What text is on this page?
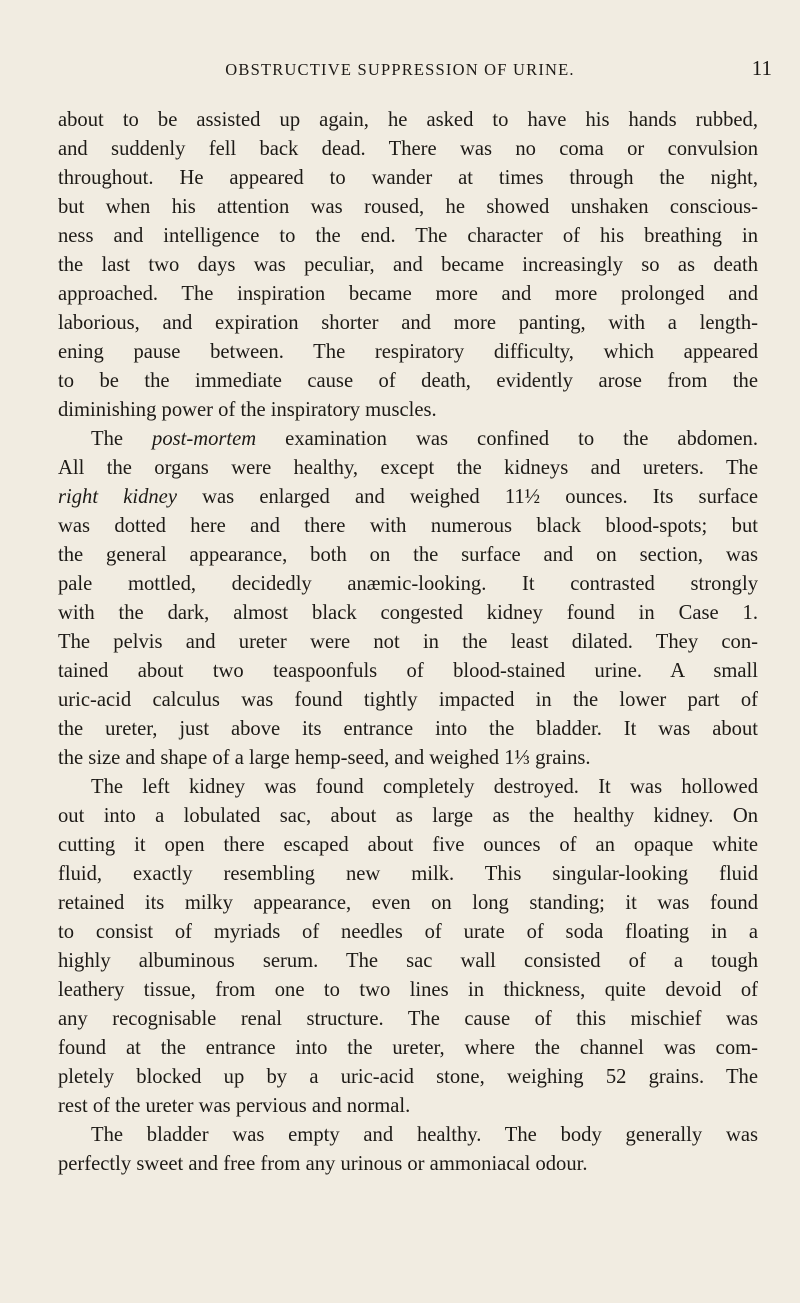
OBSTRUCTIVE SUPPRESSION OF URINE.	11
about to be assisted up again, he asked to have his hands rubbed,
and suddenly fell back dead. There was no coma or convulsion
throughout. He appeared to wander at times through the night,
but when his attention was roused, he showed unshaken conscious-
ness and intelligence to the end. The character of his breathing in
the last two days was peculiar, and became increasingly so as death
approached. The inspiration became more and more prolonged and
laborious, and expiration shorter and more panting, with a length-
ening pause between. The respiratory difficulty, which appeared
to be the immediate cause of death, evidently arose from the
diminishing power of the inspiratory muscles.
The post-mortem examination was confined to the abdomen.
All the organs were healthy, except the kidneys and ureters. The
right kidney was enlarged and weighed 11½ ounces. Its surface
was dotted here and there with numerous black blood-spots; but
the general appearance, both on the surface and on section, was
pale mottled, decidedly anæmic-looking. It contrasted strongly
with the dark, almost black congested kidney found in Case 1.
The pelvis and ureter were not in the least dilated. They con-
tained about two teaspoonfuls of blood-stained urine. A small
uric-acid calculus was found tightly impacted in the lower part of
the ureter, just above its entrance into the bladder. It was about
the size and shape of a large hemp-seed, and weighed 1⅓ grains.
The left kidney was found completely destroyed. It was hollowed
out into a lobulated sac, about as large as the healthy kidney. On
cutting it open there escaped about five ounces of an opaque white
fluid, exactly resembling new milk. This singular-looking fluid
retained its milky appearance, even on long standing; it was found
to consist of myriads of needles of urate of soda floating in a
highly albuminous serum. The sac wall consisted of a tough
leathery tissue, from one to two lines in thickness, quite devoid of
any recognisable renal structure. The cause of this mischief was
found at the entrance into the ureter, where the channel was com-
pletely blocked up by a uric-acid stone, weighing 52 grains. The
rest of the ureter was pervious and normal.
The bladder was empty and healthy. The body generally was
perfectly sweet and free from any urinous or ammoniacal odour.
